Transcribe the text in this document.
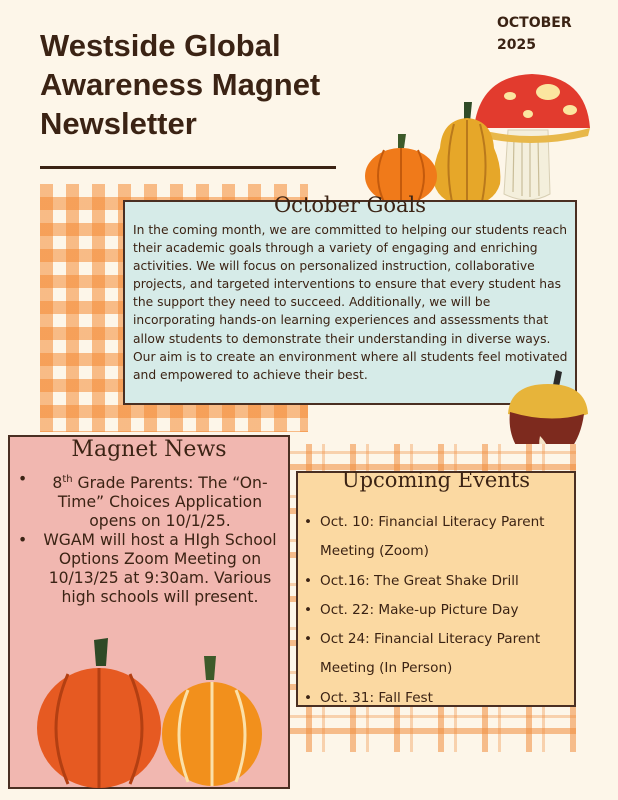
Westside Global
Awareness Magnet
Newsletter
OCTOBER
2025
October Goals
In the coming month, we are committed to helping our students reach their academic goals through a variety of engaging and enriching activities. We will focus on personalized instruction, collaborative projects, and targeted interventions to ensure that every student has the support they need to succeed. Additionally, we will be incorporating hands-on learning experiences and assessments that allow students to demonstrate their understanding in diverse ways. Our aim is to create an environment where all students feel motivated and empowered to achieve their best.
Magnet News
• 8th Grade Parents: The “On-Time” Choices Application opens on 10/1/25.
• WGAM will host a HIgh School Options Zoom Meeting on 10/13/25 at 9:30am. Various high schools will present.
Upcoming Events
• Oct. 10: Financial Literacy Parent Meeting (Zoom)
• Oct.16: The Great Shake Drill
• Oct. 22: Make-up Picture Day
• Oct 24: Financial Literacy Parent Meeting (In Person)
• Oct. 31: Fall Fest
